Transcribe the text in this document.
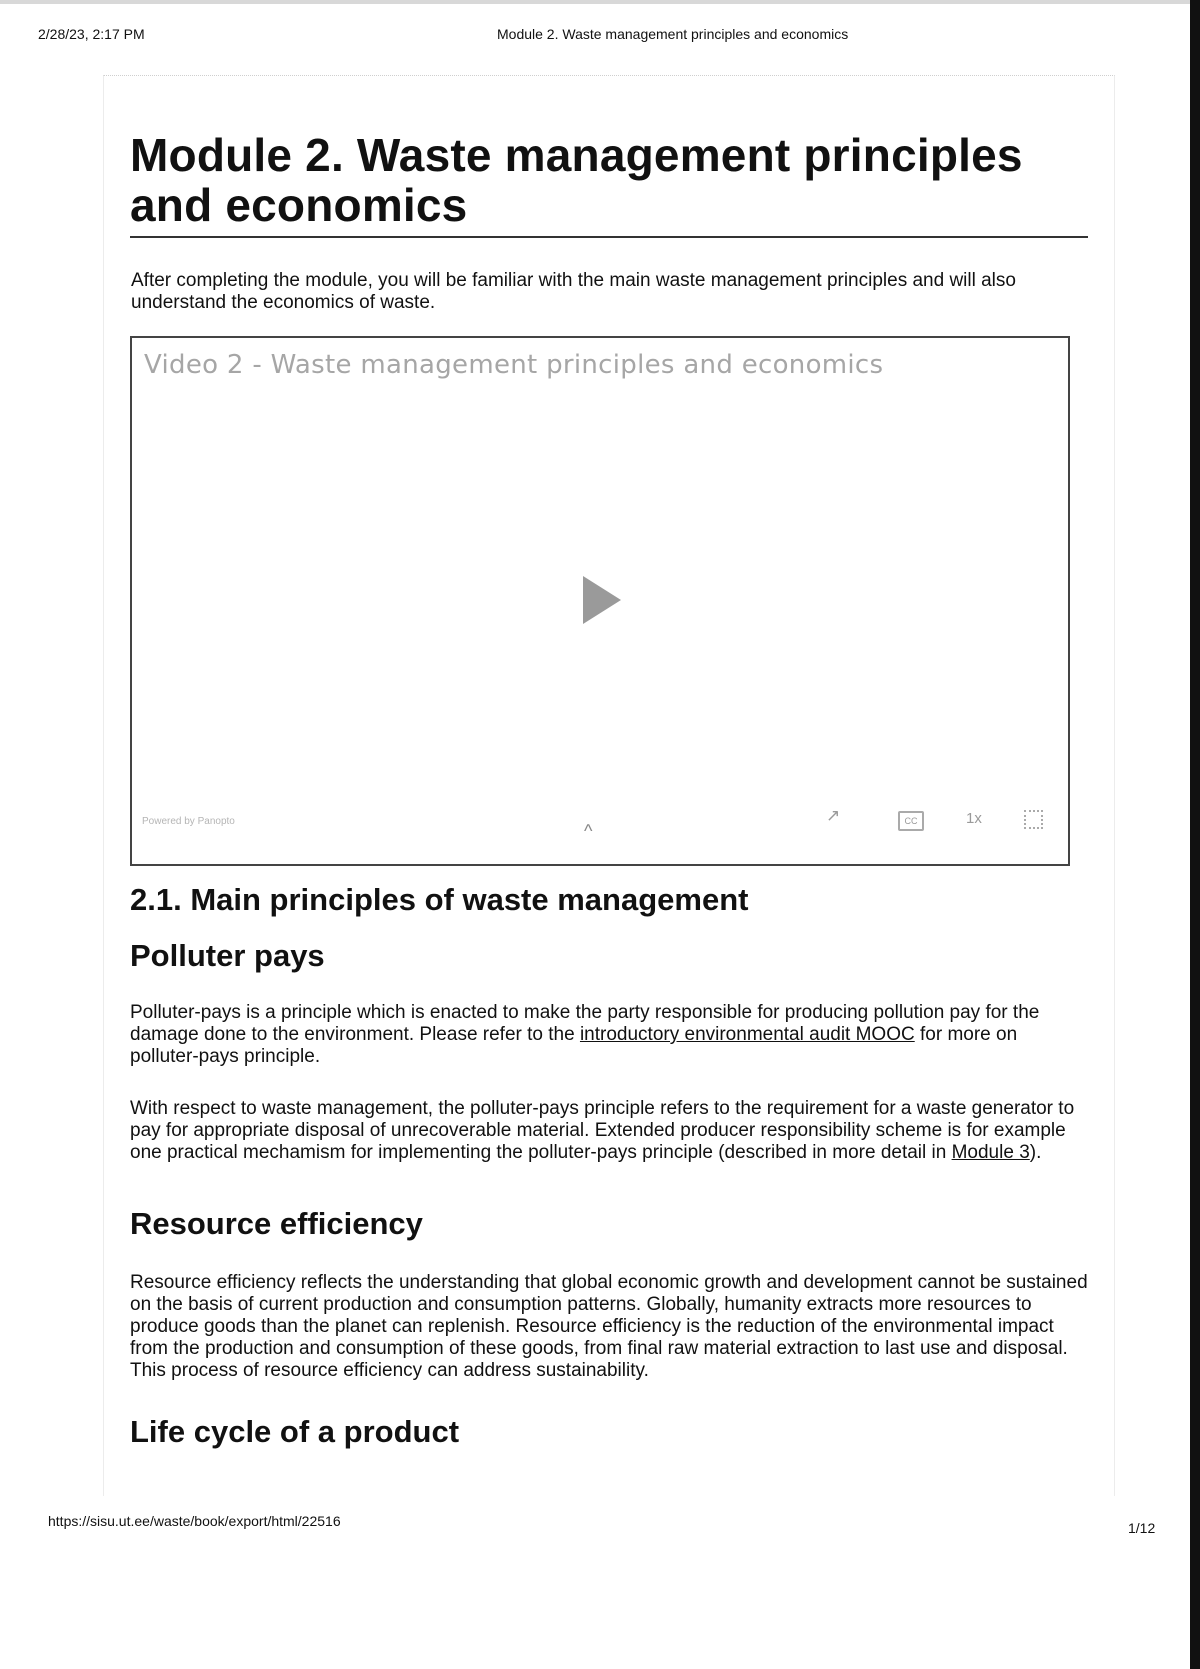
2/28/23, 2:17 PM	Module 2. Waste management principles and economics
Module 2. Waste management principles and economics

After completing the module, you will be familiar with the main waste management principles and will also understand the economics of waste.

Video 2 - Waste management principles and economics
Powered by Panopto	^
↗	CC	1x
2.1. Main principles of waste management
Polluter pays

Polluter-pays is a principle which is enacted to make the party responsible for producing pollution pay for the damage done to the environment. Please refer to the introductory environmental audit MOOC for more on polluter-pays principle.

With respect to waste management, the polluter-pays principle refers to the requirement for a waste generator to pay for appropriate disposal of unrecoverable material. Extended producer responsibility scheme is for example one practical mechamism for implementing the polluter-pays principle (described in more detail in Module 3).

Resource efficiency

Resource efficiency reflects the understanding that global economic growth and development cannot be sustained on the basis of current production and consumption patterns. Globally, humanity extracts more resources to produce goods than the planet can replenish. Resource efficiency is the reduction of the environmental impact from the production and consumption of these goods, from final raw material extraction to last use and disposal. This process of resource efficiency can address sustainability.

Life cycle of a product
https://sisu.ut.ee/waste/book/export/html/22516	1/12
